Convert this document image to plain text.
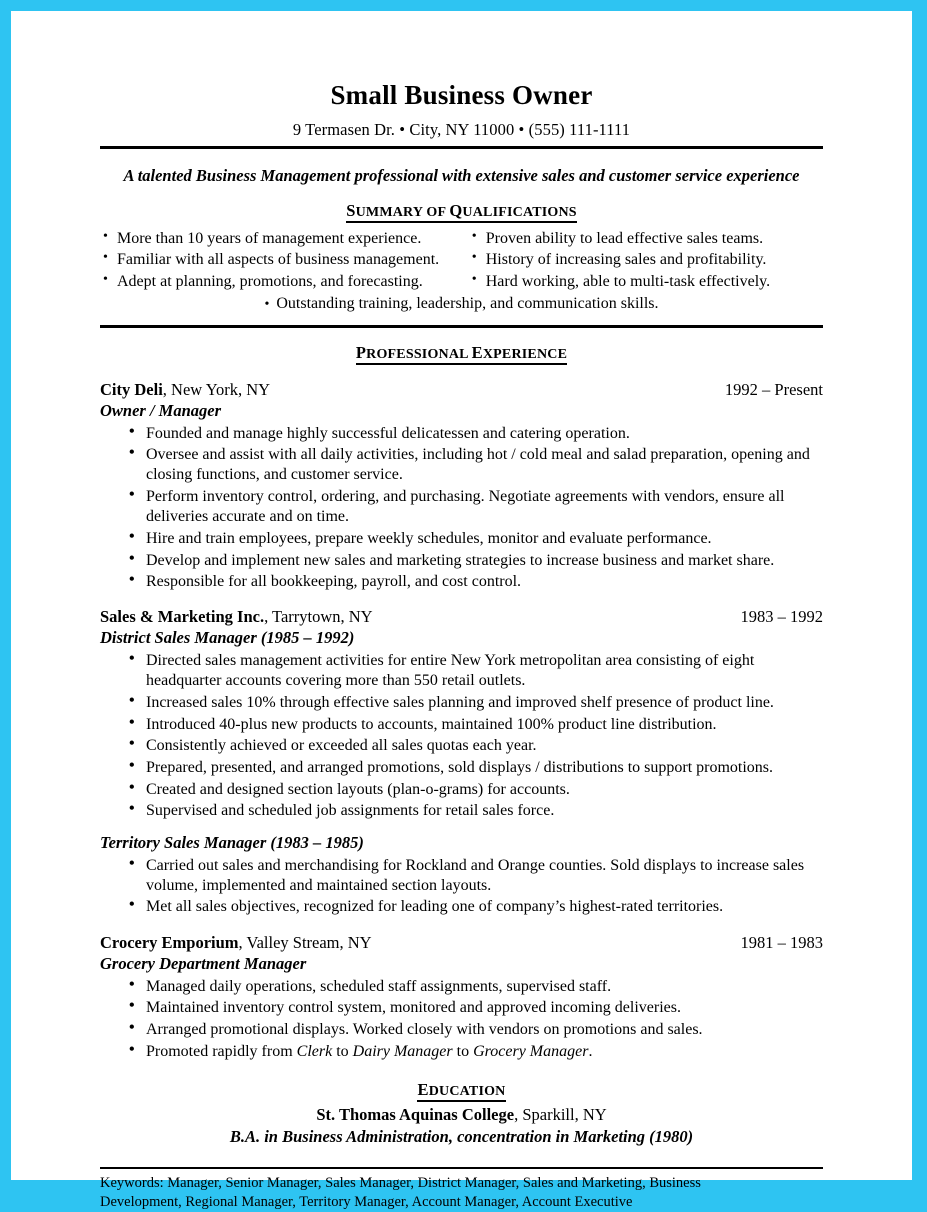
Small Business Owner
9 Termasen Dr. • City, NY 11000 • (555) 111-1111
A talented Business Management professional with extensive sales and customer service experience
SUMMARY OF QUALIFICATIONS
• More than 10 years of management experience.
• Familiar with all aspects of business management.
• Adept at planning, promotions, and forecasting.
• Proven ability to lead effective sales teams.
• History of increasing sales and profitability.
• Hard working, able to multi-task effectively.
•  Outstanding training, leadership, and communication skills.
PROFESSIONAL EXPERIENCE
City Deli, New York, NY	1992 – Present
Owner / Manager
• Founded and manage highly successful delicatessen and catering operation.
• Oversee and assist with all daily activities, including hot / cold meal and salad preparation, opening and closing functions, and customer service.
• Perform inventory control, ordering, and purchasing. Negotiate agreements with vendors, ensure all deliveries accurate and on time.
• Hire and train employees, prepare weekly schedules, monitor and evaluate performance.
• Develop and implement new sales and marketing strategies to increase business and market share.
• Responsible for all bookkeeping, payroll, and cost control.
Sales & Marketing Inc., Tarrytown, NY	1983 – 1992
District Sales Manager (1985 – 1992)
• Directed sales management activities for entire New York metropolitan area consisting of eight headquarter accounts covering more than 550 retail outlets.
• Increased sales 10% through effective sales planning and improved shelf presence of product line.
• Introduced 40-plus new products to accounts, maintained 100% product line distribution.
• Consistently achieved or exceeded all sales quotas each year.
• Prepared, presented, and arranged promotions, sold displays / distributions to support promotions.
• Created and designed section layouts (plan-o-grams) for accounts.
• Supervised and scheduled job assignments for retail sales force.
Territory Sales Manager (1983 – 1985)
• Carried out sales and merchandising for Rockland and Orange counties. Sold displays to increase sales volume, implemented and maintained section layouts.
• Met all sales objectives, recognized for leading one of company’s highest-rated territories.
Crocery Emporium, Valley Stream, NY	1981 – 1983
Grocery Department Manager
• Managed daily operations, scheduled staff assignments, supervised staff.
• Maintained inventory control system, monitored and approved incoming deliveries.
• Arranged promotional displays. Worked closely with vendors on promotions and sales.
• Promoted rapidly from Clerk to Dairy Manager to Grocery Manager.
EDUCATION
St. Thomas Aquinas College, Sparkill, NY
B.A. in Business Administration, concentration in Marketing (1980)
Keywords: Manager, Senior Manager, Sales Manager, District Manager, Sales and Marketing, Business Development, Regional Manager, Territory Manager, Account Manager, Account Executive
